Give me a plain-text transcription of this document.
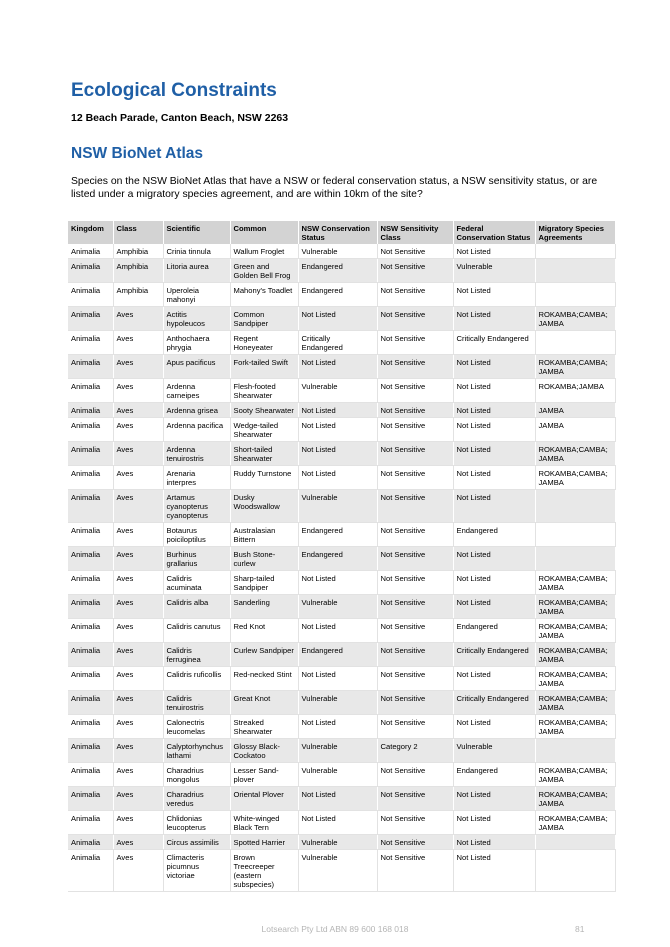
Ecological Constraints

12 Beach Parade, Canton Beach, NSW 2263

NSW BioNet Atlas

Species on the NSW BioNet Atlas that have a NSW or federal conservation status, a NSW sensitivity status, or are listed under a migratory species agreement, and are within 10km of the site?

Kingdom	Class	Scientific	Common	NSW Conservation Status	NSW Sensitivity Class	Federal Conservation Status	Migratory Species Agreements
Animalia	Amphibia	Crinia tinnula	Wallum Froglet	Vulnerable	Not Sensitive	Not Listed	
Animalia	Amphibia	Litoria aurea	Green and Golden Bell Frog	Endangered	Not Sensitive	Vulnerable	
Animalia	Amphibia	Uperoleia mahonyi	Mahony's Toadlet	Endangered	Not Sensitive	Not Listed	
Animalia	Aves	Actitis hypoleucos	Common Sandpiper	Not Listed	Not Sensitive	Not Listed	ROKAMBA;CAMBA; JAMBA
Animalia	Aves	Anthochaera phrygia	Regent Honeyeater	Critically Endangered	Not Sensitive	Critically Endangered	
Animalia	Aves	Apus pacificus	Fork-tailed Swift	Not Listed	Not Sensitive	Not Listed	ROKAMBA;CAMBA; JAMBA
Animalia	Aves	Ardenna carneipes	Flesh-footed Shearwater	Vulnerable	Not Sensitive	Not Listed	ROKAMBA;JAMBA
Animalia	Aves	Ardenna grisea	Sooty Shearwater	Not Listed	Not Sensitive	Not Listed	JAMBA
Animalia	Aves	Ardenna pacifica	Wedge-tailed Shearwater	Not Listed	Not Sensitive	Not Listed	JAMBA
Animalia	Aves	Ardenna tenuirostris	Short-tailed Shearwater	Not Listed	Not Sensitive	Not Listed	ROKAMBA;CAMBA; JAMBA
Animalia	Aves	Arenaria interpres	Ruddy Turnstone	Not Listed	Not Sensitive	Not Listed	ROKAMBA;CAMBA; JAMBA
Animalia	Aves	Artamus cyanopterus cyanopterus	Dusky Woodswallow	Vulnerable	Not Sensitive	Not Listed	
Animalia	Aves	Botaurus poiciloptilus	Australasian Bittern	Endangered	Not Sensitive	Endangered	
Animalia	Aves	Burhinus grallarius	Bush Stone-curlew	Endangered	Not Sensitive	Not Listed	
Animalia	Aves	Calidris acuminata	Sharp-tailed Sandpiper	Not Listed	Not Sensitive	Not Listed	ROKAMBA;CAMBA; JAMBA
Animalia	Aves	Calidris alba	Sanderling	Vulnerable	Not Sensitive	Not Listed	ROKAMBA;CAMBA; JAMBA
Animalia	Aves	Calidris canutus	Red Knot	Not Listed	Not Sensitive	Endangered	ROKAMBA;CAMBA; JAMBA
Animalia	Aves	Calidris ferruginea	Curlew Sandpiper	Endangered	Not Sensitive	Critically Endangered	ROKAMBA;CAMBA; JAMBA
Animalia	Aves	Calidris ruficollis	Red-necked Stint	Not Listed	Not Sensitive	Not Listed	ROKAMBA;CAMBA; JAMBA
Animalia	Aves	Calidris tenuirostris	Great Knot	Vulnerable	Not Sensitive	Critically Endangered	ROKAMBA;CAMBA; JAMBA
Animalia	Aves	Calonectris leucomelas	Streaked Shearwater	Not Listed	Not Sensitive	Not Listed	ROKAMBA;CAMBA; JAMBA
Animalia	Aves	Calyptorhynchus lathami	Glossy Black-Cockatoo	Vulnerable	Category 2	Vulnerable	
Animalia	Aves	Charadrius mongolus	Lesser Sand-plover	Vulnerable	Not Sensitive	Endangered	ROKAMBA;CAMBA; JAMBA
Animalia	Aves	Charadrius veredus	Oriental Plover	Not Listed	Not Sensitive	Not Listed	ROKAMBA;CAMBA; JAMBA
Animalia	Aves	Chlidonias leucopterus	White-winged Black Tern	Not Listed	Not Sensitive	Not Listed	ROKAMBA;CAMBA; JAMBA
Animalia	Aves	Circus assimilis	Spotted Harrier	Vulnerable	Not Sensitive	Not Listed	
Animalia	Aves	Climacteris picumnus victoriae	Brown Treecreeper (eastern subspecies)	Vulnerable	Not Sensitive	Not Listed	

Lotsearch Pty Ltd ABN 89 600 168 018	81
